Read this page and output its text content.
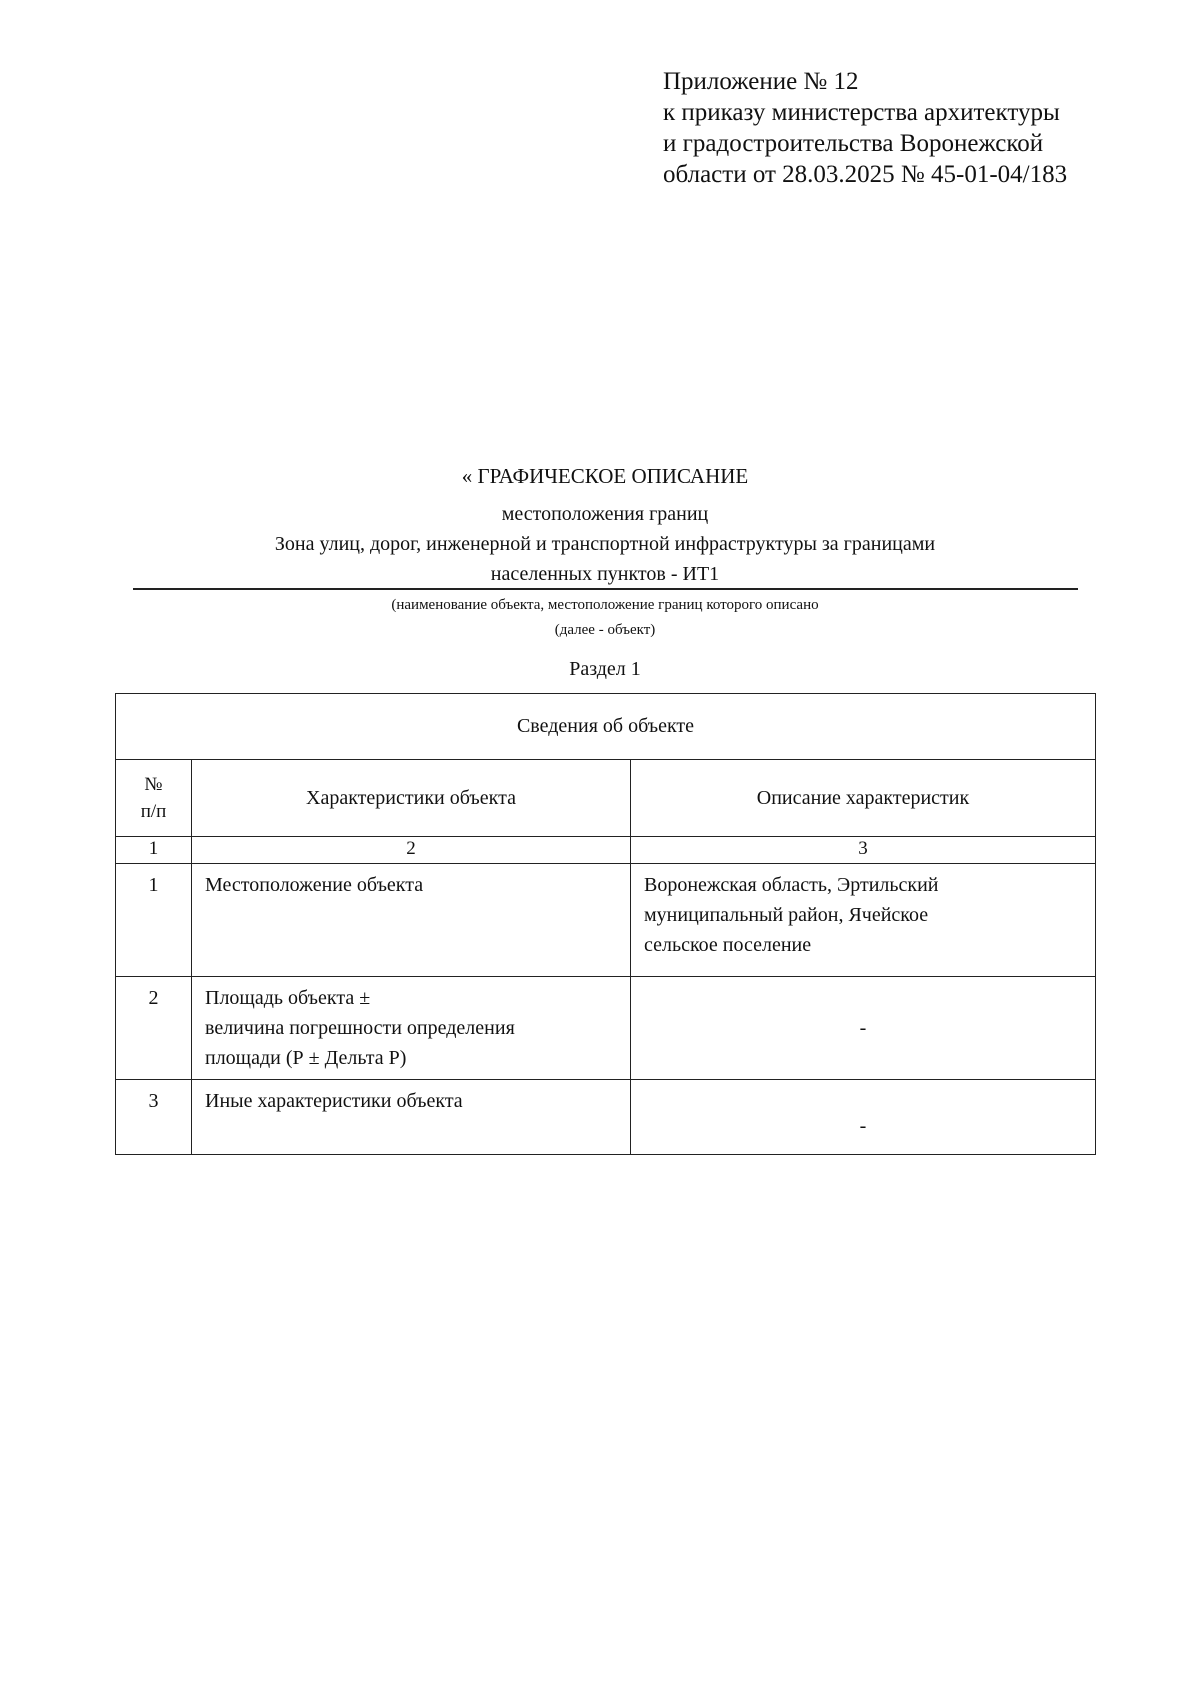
Приложение № 12
к приказу министерства архитектуры
и градостроительства Воронежской
области от 28.03.2025 № 45-01-04/183
« ГРАФИЧЕСКОЕ ОПИСАНИЕ
местоположения границ
Зона улиц, дорог, инженерной и транспортной инфраструктуры за границами
населенных пунктов - ИТ1
(наименование объекта, местоположение границ которого описано
(далее - объект)
Раздел 1
Сведения об объекте		

№
п/п	Характеристики объекта	Описание характеристик
1	2	3
1	Местоположение объекта	Воронежская область, Эртильский
муниципальный район, Ячейское
сельское поселение

2	Площадь объекта ±
величина погрешности определения
площади (Р ± Дельта Р)	-
3	Иные характеристики объекта	-
